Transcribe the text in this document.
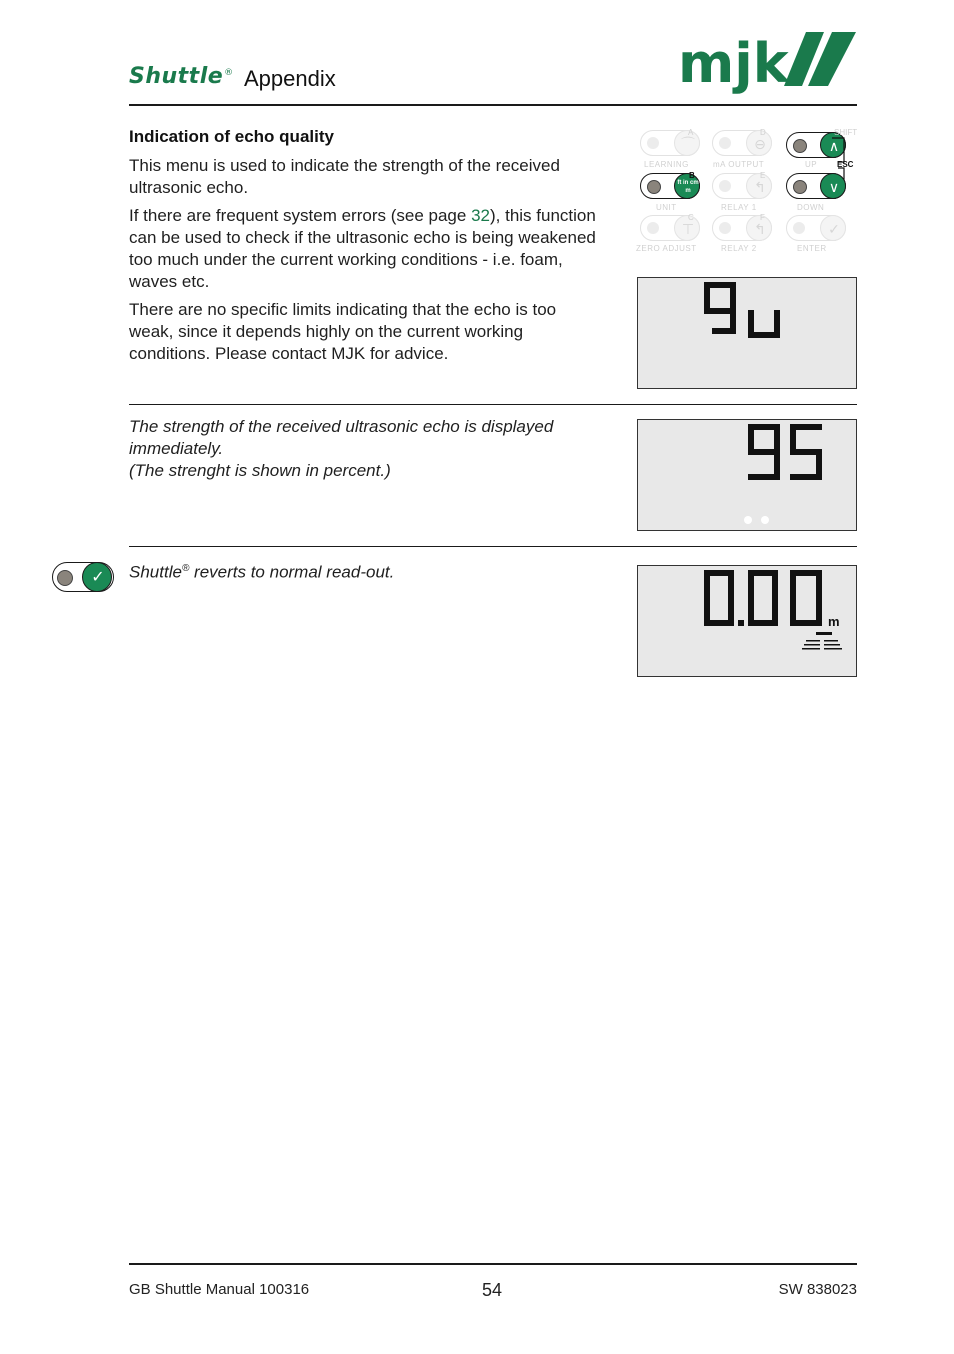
Shuttle® Appendix	mjk
Indication of echo quality

This menu is used to indicate the strength of the received ultrasonic echo.

If there are frequent system errors (see page 32), this function can be used to check if the ultrasonic echo is being weakened too much under the current working conditions - i.e. foam, waves etc.

There are no specific limits indicating that the echo is too weak, since it depends highly on the current working conditions. Please contact MJK for advice.

⌒
A
LEARNING
⊖
D
mA OUTPUT
∧
SHIFT
UP ESC
ft in cm m
B
UNIT
↰
E
RELAY 1
∨
DOWN
⊤
C
ZERO ADJUST
↰
F
RELAY 2
✓
ENTER

The strength of the received ultrasonic echo is displayed immediately.

(The strenght is shown in percent.)

✓	Shuttle® reverts to normal read-out.

m
GB Shuttle Manual 100316	54	SW 838023
